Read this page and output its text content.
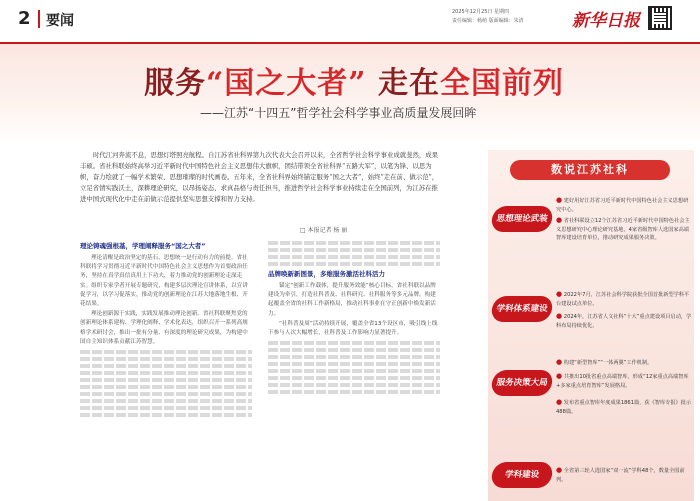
2 要闻
2025年12月25日 星期四
责任编辑：杨萌 版面编辑：朱清	新华日报
服务“国之大者” 走在全国前列
——江苏“十四五”哲学社会科学事业高质量发展回眸

时代江河奔流不息，思想灯塔照亮航程。自江苏省社科界第九次代表大会召开以来，全省哲学社会科学事业成就斐然，成果丰硕。省社科联始终高举习近平新时代中国特色社会主义思想伟大旗帜，团结带领全省社科界“五路大军”，以笔为锋、以思为帜，奋力绘就了一幅学术繁荣、思想璀璨的时代画卷。五年来，全省社科界始终锚定服务“国之大者”，始终“走在前、做示范”，立足省情实践沃土，深耕理论研究，以昂扬姿态、求真品格与责任担当，推进哲学社会科学事业持续走在全国前列，为江苏在推进中国式现代化中走在前做示范提供坚实思想支撑和智力支持。

□ 本报记者 杨 丽

理论铸魂强根基，学理阐释服务“国之大者”

理论清醒是政治坚定的基石，思想统一是行动有力的前提。省社科联将学习贯彻习近平新时代中国特色社会主义思想作为首要政治任务，坚持在真学真信真用上下功夫，着力推动党的创新理论走深走实。组织专家学者开展专题研究，构建多层次理论宣讲体系，以宣讲促学习，以学习促落实，推动党的创新理论在江苏大地落地生根、开花结果。

理论创新源于实践，实践发展推动理论创新。省社科联聚焦党的创新理论体系建构、学理化阐释、学术化表达，组织召开一系列高规格学术研讨会，推出一批有分量、有深度的理论研究成果，为构建中国自主知识体系贡献江苏智慧。

品牌唤新新图景，多维服务激活社科活力

锚定“创新工作载体，提升服务效能”核心目标，省社科联以品牌建设为牵引，打造社科普及、社科研究、社科服务等多元品牌，构建起覆盖全省的社科工作新格局，推动社科事业在守正创新中焕发新活力。

“社科普及周”活动持续开展，覆盖全省13个设区市，吸引线上线下参与人次大幅增长，社科普及工作影响力显著提升。

数说江苏社科
思想理论武装
● 建好用好江苏省习近平新时代中国特色社会主义思想研究中心。
● 省社科联设立12个江苏省习近平新时代中国特色社会主义思想研究中心理论研究基地，4家省级智库人选国家高端智库建设培育单位，推动研究成果服务决策。
学科体系建设
● 2022年7月，江苏社会科学院获批全国首批新型学科平台建设试点单位。
● 2024年，江苏省人文社科“十大”重点建设项目启动，学科布局持续优化。
服务决策大局
● 构建“新型智库”“一体两翼”工作机制。
● 共推出10批省重点高端智库，形成“12家重点高端智库+多家重点培育智库”发展格局。
● 发布省重点智库年度成果1861篇，获《智库专报》批示488篇。
学科建设	● 全省第三轮人选国家“双一流”学科48个，数量全国前列。
